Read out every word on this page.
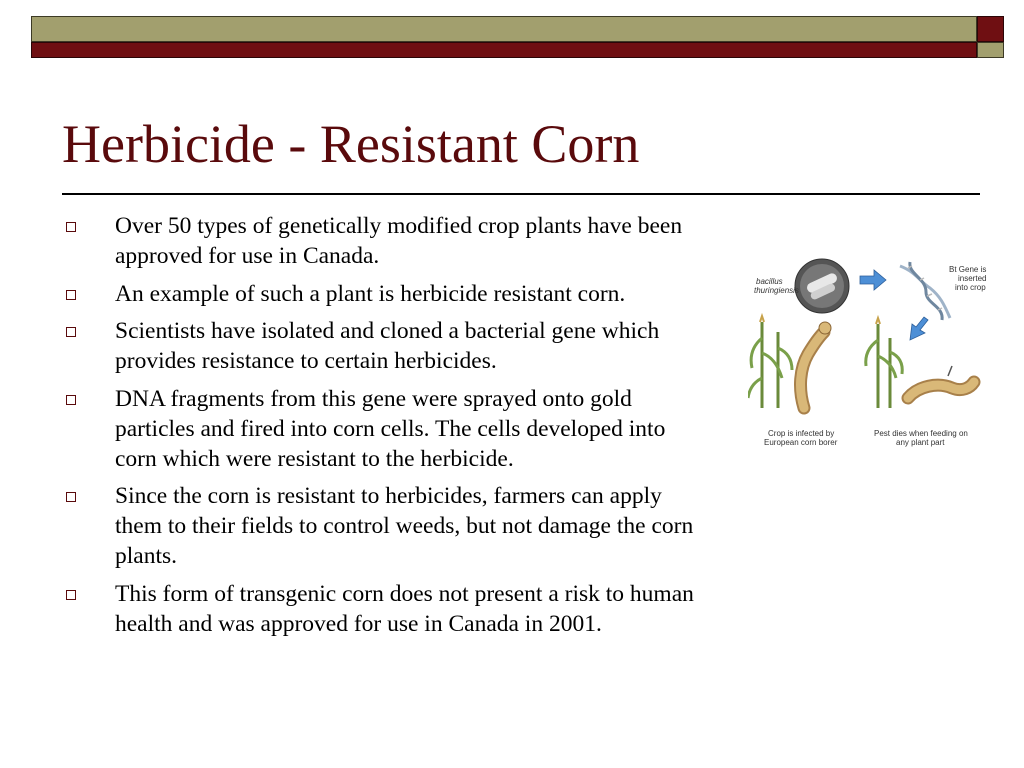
Herbicide - Resistant Corn
Over 50 types of genetically modified crop plants have been approved for use in Canada.
An example of such a plant is herbicide resistant corn.
Scientists have isolated and cloned a bacterial gene which provides resistance to certain herbicides.
DNA fragments from this gene were sprayed onto gold particles and fired into corn cells. The cells developed into corn which were resistant to the herbicide.
Since the corn is resistant to herbicides, farmers can apply them to their fields to control weeds, but not damage the corn plants.
This form of transgenic corn does not present a risk to human health and was approved for use in Canada in 2001.
bacillus
thuringiensis
Bt Gene is
inserted
into crop
Crop is infected by
European corn borer
Pest dies when feeding on
any plant part
